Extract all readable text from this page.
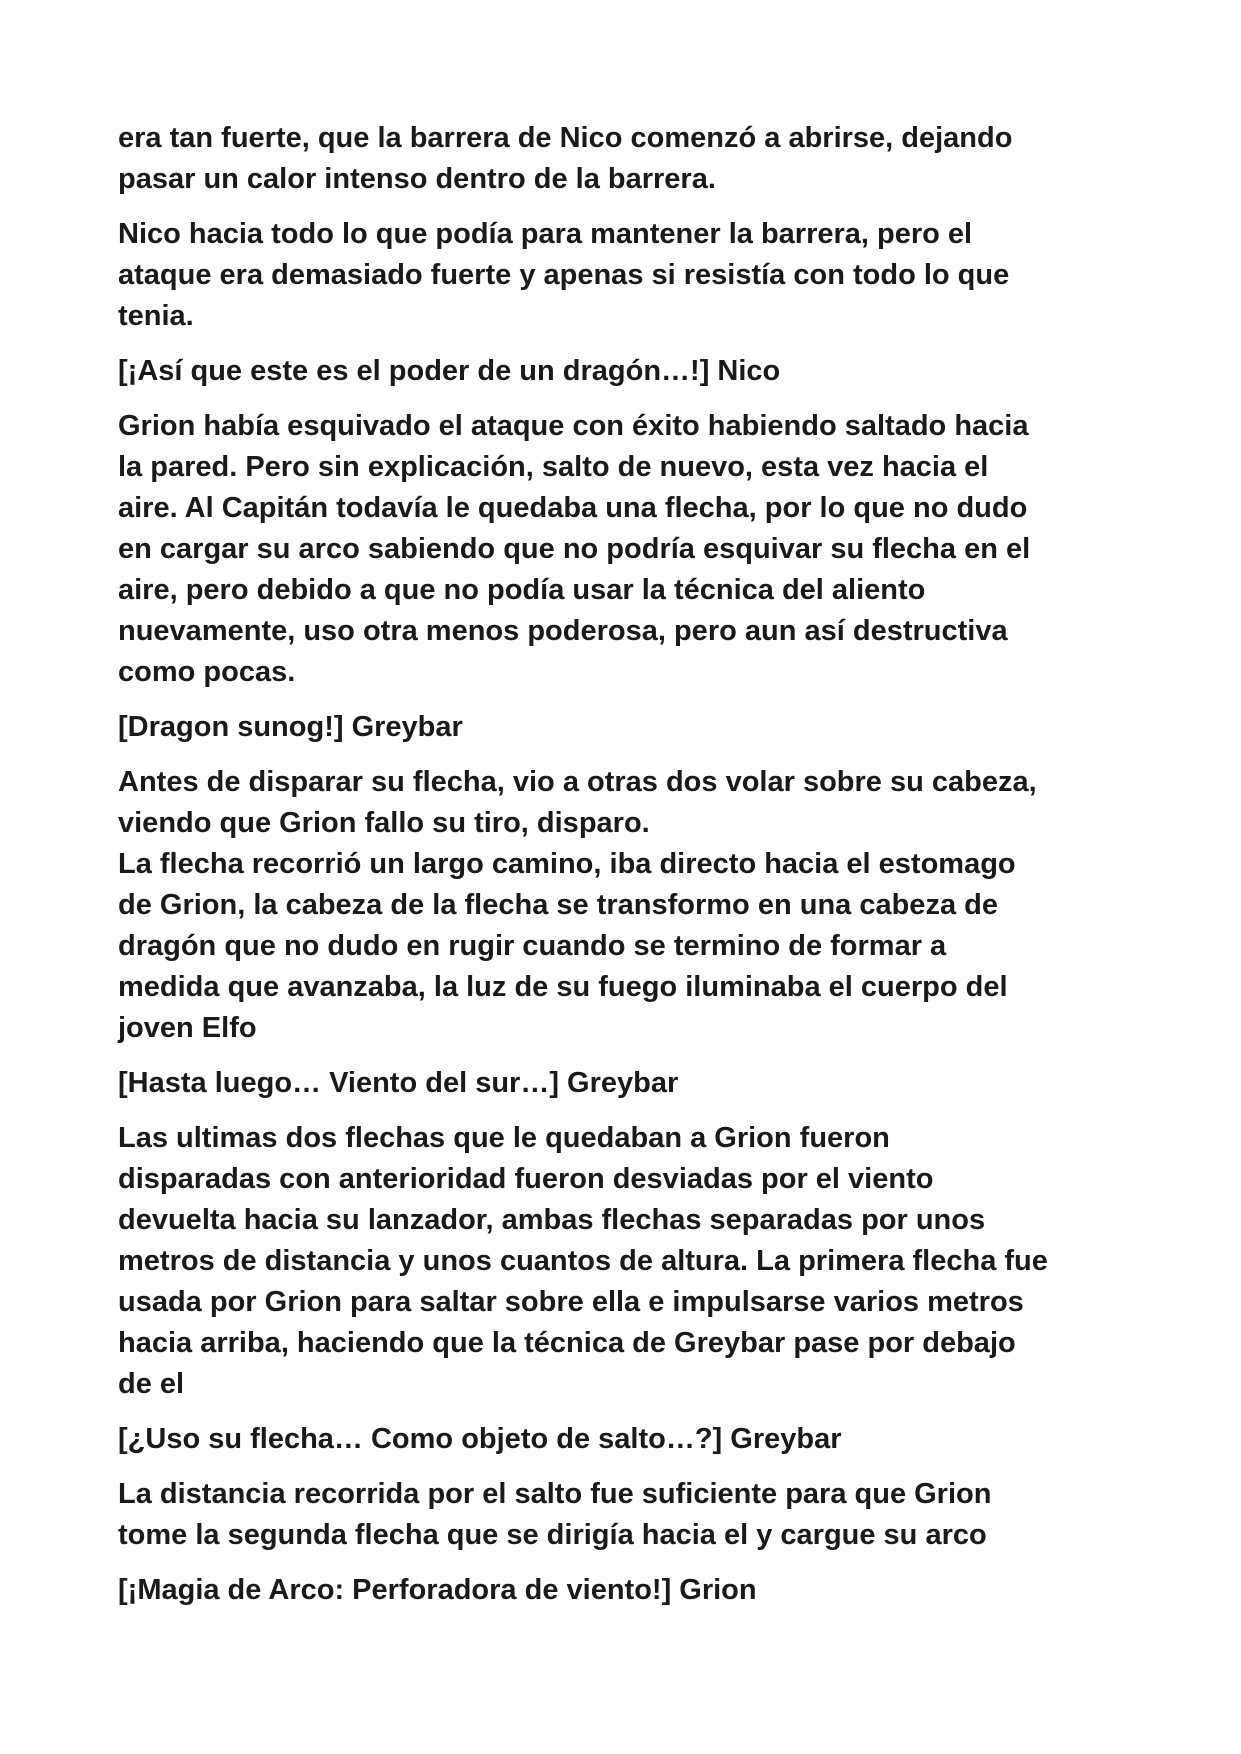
era tan fuerte, que la barrera de Nico comenzó a abrirse, dejando
pasar un calor intenso dentro de la barrera.
Nico hacia todo lo que podía para mantener la barrera, pero el
ataque era demasiado fuerte y apenas si resistía con todo lo que
tenia.
[¡Así que este es el poder de un dragón…!] Nico
Grion había esquivado el ataque con éxito habiendo saltado hacia
la pared. Pero sin explicación, salto de nuevo, esta vez hacia el
aire. Al Capitán todavía le quedaba una flecha, por lo que no dudo
en cargar su arco sabiendo que no podría esquivar su flecha en el
aire, pero debido a que no podía usar la técnica del aliento
nuevamente, uso otra menos poderosa, pero aun así destructiva
como pocas.
[Dragon sunog!] Greybar
Antes de disparar su flecha, vio a otras dos volar sobre su cabeza,
viendo que Grion fallo su tiro, disparo.
La flecha recorrió un largo camino, iba directo hacia el estomago
de Grion, la cabeza de la flecha se transformo en una cabeza de
dragón que no dudo en rugir cuando se termino de formar a
medida que avanzaba, la luz de su fuego iluminaba el cuerpo del
joven Elfo
[Hasta luego… Viento del sur…] Greybar
Las ultimas dos flechas que le quedaban a Grion fueron
disparadas con anterioridad fueron desviadas por el viento
devuelta hacia su lanzador, ambas flechas separadas por unos
metros de distancia y unos cuantos de altura. La primera flecha fue
usada por Grion para saltar sobre ella e impulsarse varios metros
hacia arriba, haciendo que la técnica de Greybar pase por debajo
de el
[¿Uso su flecha… Como objeto de salto…?] Greybar
La distancia recorrida por el salto fue suficiente para que Grion
tome la segunda flecha que se dirigía hacia el y cargue su arco
[¡Magia de Arco: Perforadora de viento!] Grion
